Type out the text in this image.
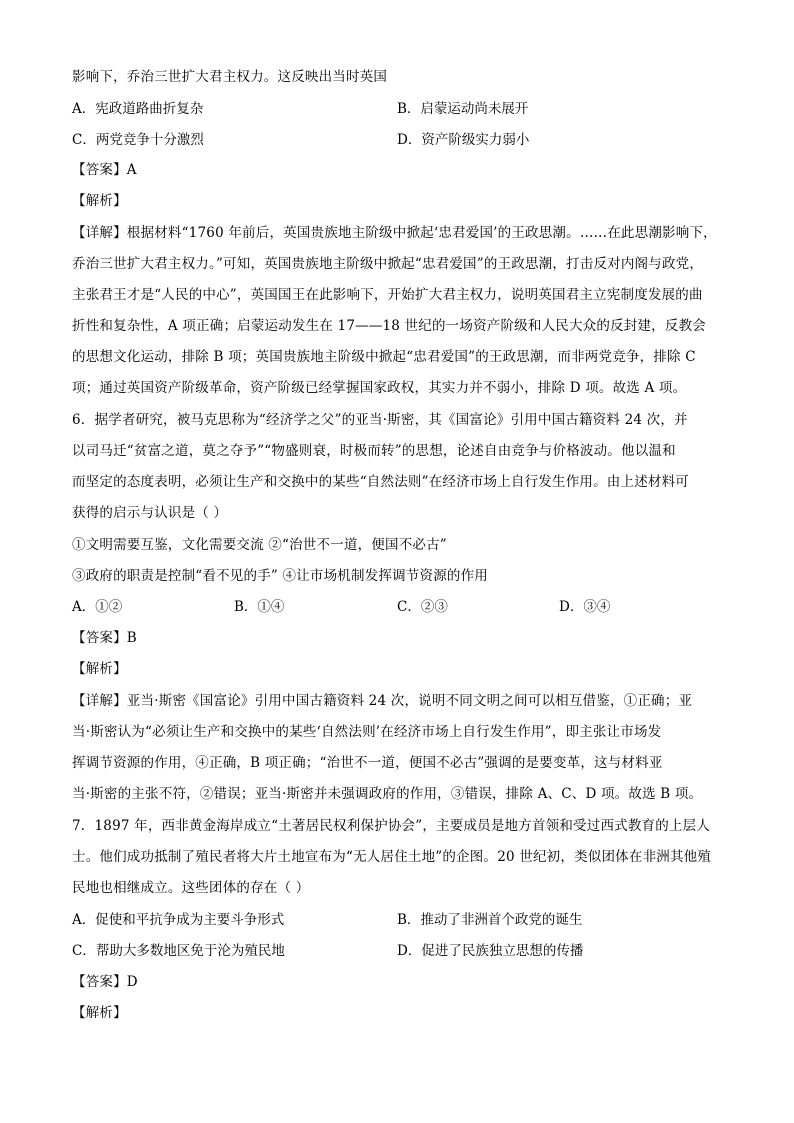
影响下，乔治三世扩大君主权力。这反映出当时英国
A．宪政道路曲折复杂	B．启蒙运动尚未展开
C．两党竞争十分激烈	D．资产阶级实力弱小
【答案】A
【解析】
【详解】根据材料“1760 年前后，英国贵族地主阶级中掀起‘忠君爱国’的王政思潮。……在此思潮影响下，
乔治三世扩大君主权力。”可知，英国贵族地主阶级中掀起“忠君爱国”的王政思潮，打击反对内阁与政党，
主张君王才是“人民的中心”，英国国王在此影响下，开始扩大君主权力，说明英国君主立宪制度发展的曲
折性和复杂性，A 项正确；启蒙运动发生在 17——18 世纪的一场资产阶级和人民大众的反封建，反教会
的思想文化运动，排除 B 项；英国贵族地主阶级中掀起“忠君爱国”的王政思潮，而非两党竞争，排除 C
项；通过英国资产阶级革命，资产阶级已经掌握国家政权，其实力并不弱小，排除 D 项。故选 A 项。
6．据学者研究，被马克思称为“经济学之父”的亚当·斯密，其《国富论》引用中国古籍资料 24 次，并
以司马迁“贫富之道，莫之夺予”“物盛则衰，时极而转”的思想，论述自由竞争与价格波动。他以温和
而坚定的态度表明，必须让生产和交换中的某些“自然法则”在经济市场上自行发生作用。由上述材料可
获得的启示与认识是（ ）
①文明需要互鉴，文化需要交流 ②“治世不一道，便国不必古”
③政府的职责是控制“看不见的手” ④让市场机制发挥调节资源的作用
A．①②	B．①④	C．②③	D．③④
【答案】B
【解析】
【详解】亚当·斯密《国富论》引用中国古籍资料 24 次，说明不同文明之间可以相互借鉴，①正确；亚
当·斯密认为“必须让生产和交换中的某些‘自然法则’在经济市场上自行发生作用”，即主张让市场发
挥调节资源的作用，④正确，B 项正确；“治世不一道，便国不必古”强调的是要变革，这与材料亚
当·斯密的主张不符，②错误；亚当·斯密并未强调政府的作用，③错误，排除 A、C、D 项。故选 B 项。
7．1897 年，西非黄金海岸成立“土著居民权利保护协会”，主要成员是地方首领和受过西式教育的上层人
士。他们成功抵制了殖民者将大片土地宣布为“无人居住土地”的企图。20 世纪初，类似团体在非洲其他殖
民地也相继成立。这些团体的存在（ ）
A．促使和平抗争成为主要斗争形式	B．推动了非洲首个政党的诞生
C．帮助大多数地区免于沦为殖民地	D．促进了民族独立思想的传播
【答案】D
【解析】
